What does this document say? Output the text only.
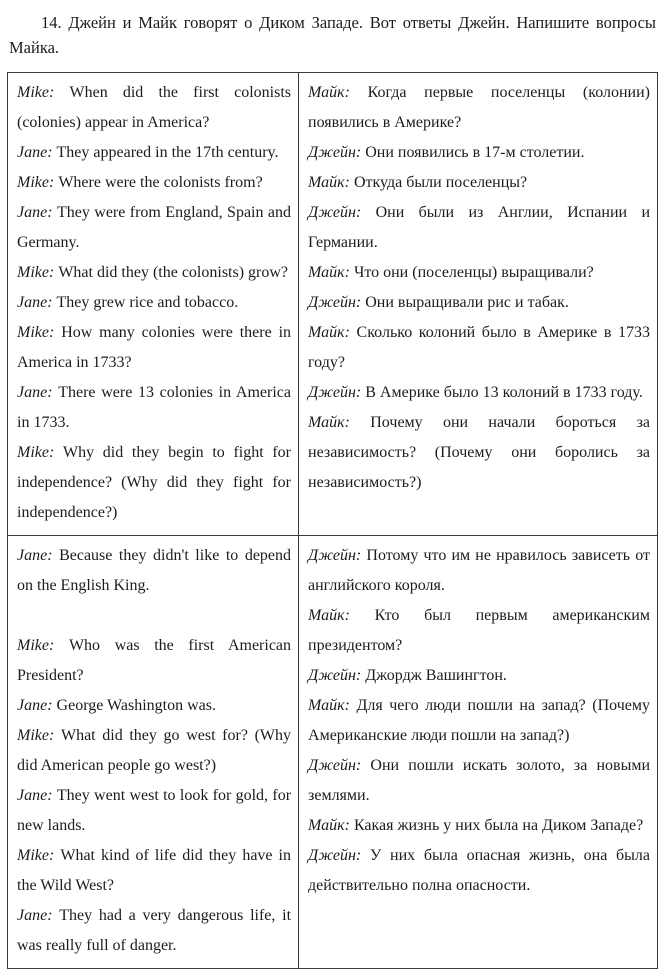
14. Джейн и Майк говорят о Диком Западе. Вот ответы Джейн. Напишите вопросы Майка.

Mike: When did the first colonists (colonies) appear in America?

Jane: They appeared in the 17th century.

Mike: Where were the colonists from?

Jane: They were from England, Spain and Germany.

Mike: What did they (the colonists) grow?

Jane: They grew rice and tobacco.

Mike: How many colonies were there in America in 1733?

Jane: There were 13 colonies in America in 1733.

Mike: Why did they begin to fight for independence? (Why did they fight for independence?)

Майк: Когда первые поселенцы (колонии) появились в Америке?

Джейн: Они появились в 17-м столетии.

Майк: Откуда были поселенцы?

Джейн: Они были из Англии, Испании и Германии.

Майк: Что они (поселенцы) выращивали?

Джейн: Они выращивали рис и табак.

Майк: Сколько колоний было в Америке в 1733 году?

Джейн: В Америке было 13 колоний в 1733 году.

Майк: Почему они начали бороться за независимость? (Почему они боролись за независимость?)

Jane: Because they didn't like to depend on the English King.

Mike: Who was the first American President?

Jane: George Washington was.

Mike: What did they go west for? (Why did American people go west?)

Jane: They went west to look for gold, for new lands.

Mike: What kind of life did they have in the Wild West?

Jane: They had a very dangerous life, it was really full of danger.

Джейн: Потому что им не нравилось зависеть от английского короля.

Майк: Кто был первым американским президентом?

Джейн: Джордж Вашингтон.

Майк: Для чего люди пошли на запад? (Почему Американские люди пошли на запад?)

Джейн: Они пошли искать золото, за новыми землями.

Майк: Какая жизнь у них была на Диком Западе?

Джейн: У них была опасная жизнь, она была действительно полна опасности.
